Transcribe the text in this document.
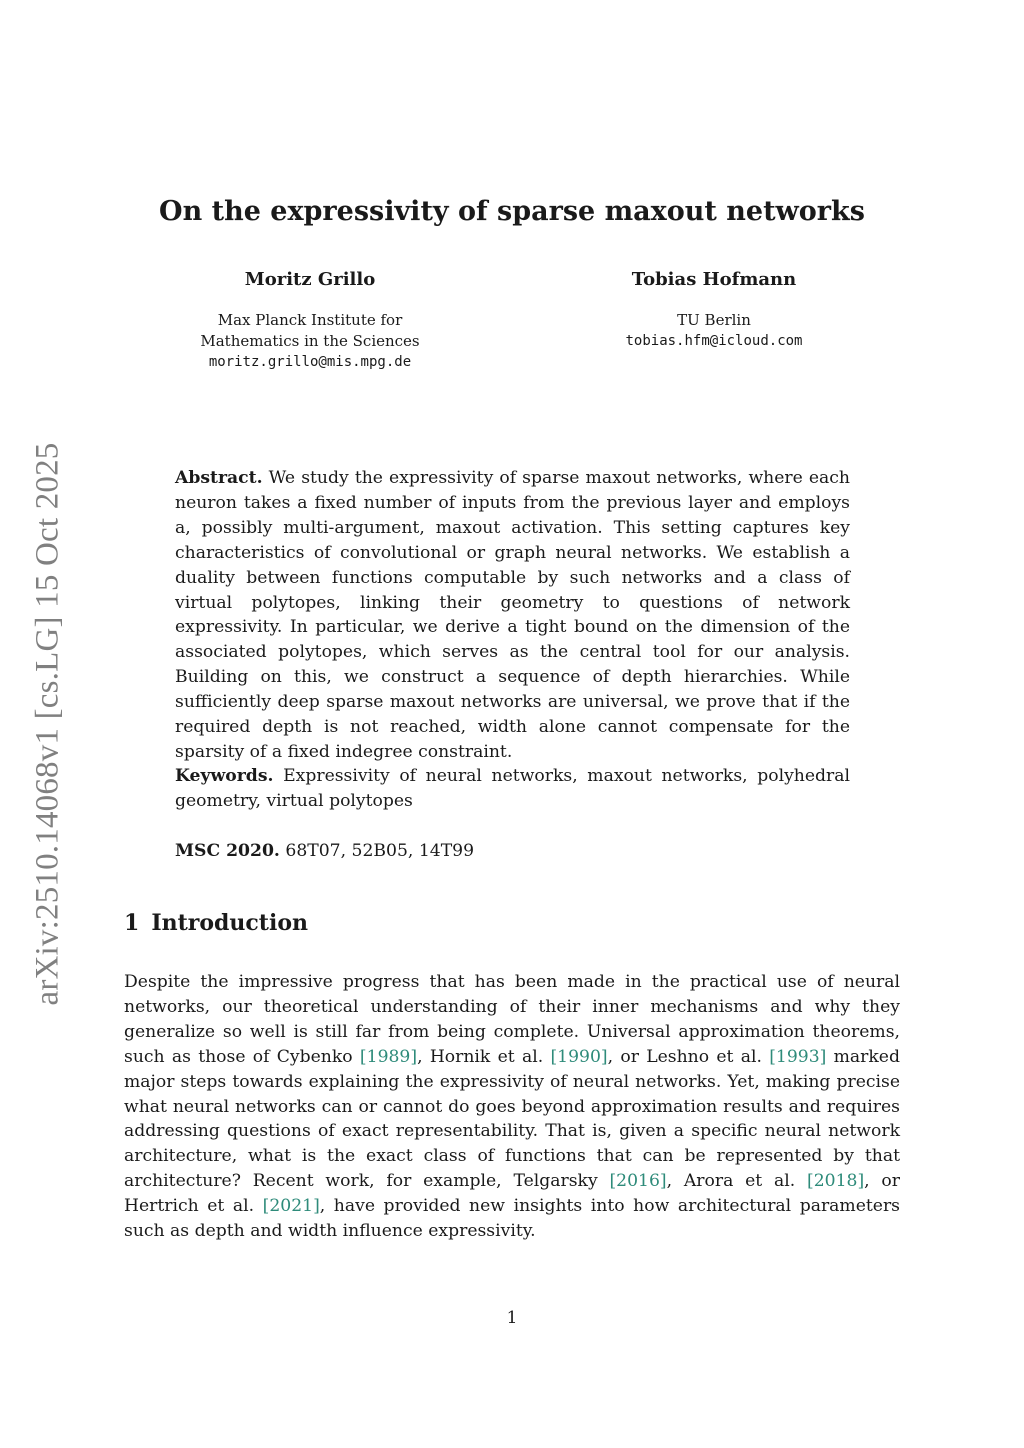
arXiv:2510.14068v1 [cs.LG] 15 Oct 2025
On the expressivity of sparse maxout networks
Moritz Grillo
Max Planck Institute for
Mathematics in the Sciences
moritz.grillo@mis.mpg.de
Tobias Hofmann
TU Berlin
tobias.hfm@icloud.com
Abstract. We study the expressivity of sparse maxout networks, where each neuron takes a fixed number of inputs from the previous layer and employs a, possibly multi-argument, maxout activation. This setting captures key characteristics of convolutional or graph neural networks. We establish a duality between functions computable by such networks and a class of virtual polytopes, linking their geometry to questions of network expressivity. In particular, we derive a tight bound on the dimension of the associated polytopes, which serves as the central tool for our analysis. Building on this, we construct a sequence of depth hierarchies. While sufficiently deep sparse maxout networks are universal, we prove that if the required depth is not reached, width alone cannot compensate for the sparsity of a fixed indegree constraint.
Keywords. Expressivity of neural networks, maxout networks, polyhedral geometry, virtual polytopes
MSC 2020. 68T07, 52B05, 14T99
1 Introduction
Despite the impressive progress that has been made in the practical use of neural networks, our theoretical understanding of their inner mechanisms and why they generalize so well is still far from being complete. Universal approximation theorems, such as those of Cybenko [1989], Hornik et al. [1990], or Leshno et al. [1993] marked major steps towards explaining the expressivity of neural networks. Yet, making precise what neural networks can or cannot do goes beyond approximation results and requires addressing questions of exact representability. That is, given a specific neural network architecture, what is the exact class of functions that can be represented by that architecture? Recent work, for example, Telgarsky [2016], Arora et al. [2018], or Hertrich et al. [2021], have provided new insights into how architectural parameters such as depth and width influence expressivity.
1
